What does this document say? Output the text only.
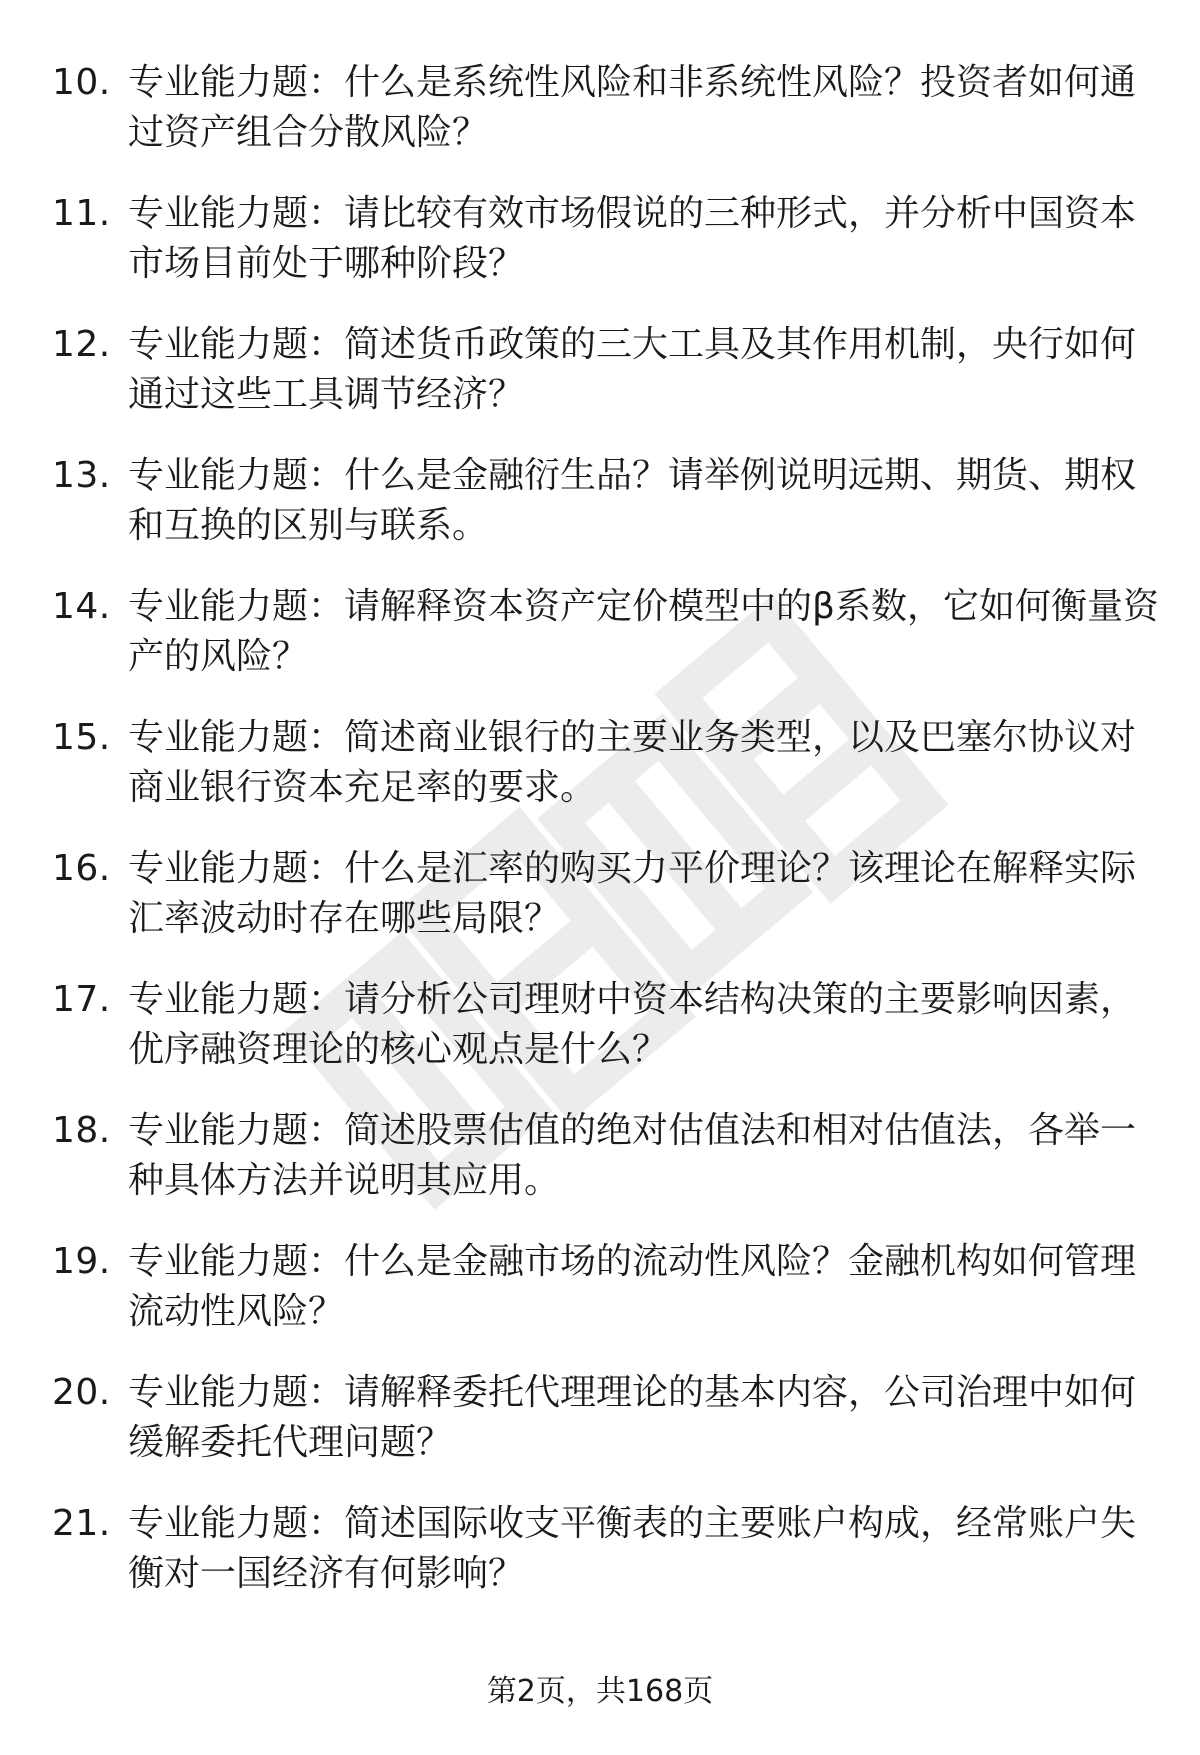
10. 专业能力题：什么是系统性风险和非系统性风险？投资者如何通过资产组合分散风险？
11. 专业能力题：请比较有效市场假说的三种形式，并分析中国资本市场目前处于哪种阶段？
12. 专业能力题：简述货币政策的三大工具及其作用机制，央行如何通过这些工具调节经济？
13. 专业能力题：什么是金融衍生品？请举例说明远期、期货、期权和互换的区别与联系。
14. 专业能力题：请解释资本资产定价模型中的β系数，它如何衡量资产的风险？
15. 专业能力题：简述商业银行的主要业务类型，以及巴塞尔协议对商业银行资本充足率的要求。
16. 专业能力题：什么是汇率的购买力平价理论？该理论在解释实际汇率波动时存在哪些局限？
17. 专业能力题：请分析公司理财中资本结构决策的主要影响因素，优序融资理论的核心观点是什么？
18. 专业能力题：简述股票估值的绝对估值法和相对估值法，各举一种具体方法并说明其应用。
19. 专业能力题：什么是金融市场的流动性风险？金融机构如何管理流动性风险？
20. 专业能力题：请解释委托代理理论的基本内容，公司治理中如何缓解委托代理问题？
21. 专业能力题：简述国际收支平衡表的主要账户构成，经常账户失衡对一国经济有何影响？
第2页，共168页
